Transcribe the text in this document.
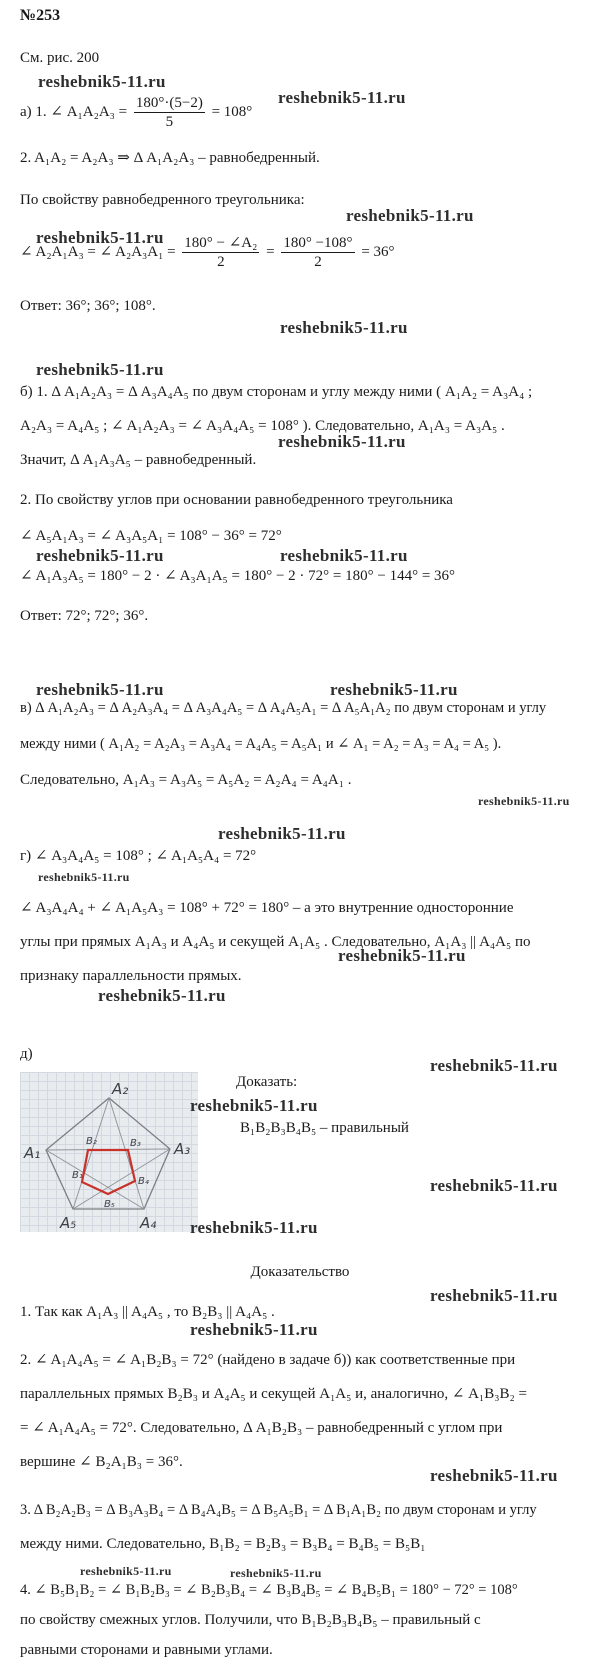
№253
См. рис. 200
а) 1. ∠ $A_1A_2A_3 = \frac{180^\circ\cdot(5-2)}{5} = 108^\circ$
2. A₁A₂ = A₂A₃ ⇒ Δ A₁A₂A₃ – равнобедренный.
По свойству равнобедренного треугольника:
∠ A₂A₁A₃ = ∠ $A_2A_3A_1 = \frac{\text{180° − ∠A₂}}{2} = \frac{180^\circ -108^\circ}{2} = 36^\circ$
Ответ: 36°; 36°; 108°.
б) 1. Δ A₁A₂A₃ = Δ A₃A₄A₅ по двум сторонам и углу между ними ( A₁A₂ = A₃A₄ ;
A₂A₃ = A₄A₅ ; ∠ A₁A₂A₃ = ∠ A₃A₄A₅ = 108° ). Следовательно, A₁A₃ = A₃A₅ .
Значит, Δ A₁A₃A₅ – равнобедренный.
2. По свойству углов при основании равнобедренного треугольника
∠ A₅A₁A₃ = ∠ A₃A₅A₁ = 108° − 36° = 72°
∠ A₁A₃A₅ = 180° − 2 · ∠ A₃A₁A₅ = 180° − 2 · 72° = 180° − 144° = 36°
Ответ: 72°; 72°; 36°.
в) Δ A₁A₂A₃ = Δ A₂A₃A₄ = Δ A₃A₄A₅ = Δ A₄A₅A₁ = Δ A₅A₁A₂ по двум сторонам и углу
между ними ( A₁A₂ = A₂A₃ = A₃A₄ = A₄A₅ = A₅A₁ и ∠ A₁ = A₂ = A₃ = A₄ = A₅ ).
Следовательно, A₁A₃ = A₃A₅ = A₅A₂ = A₂A₄ = A₄A₁ .
г) ∠ A₃A₄A₅ = 108° ; ∠ A₁A₅A₄ = 72°
∠ A₃A₄A₄ + ∠ A₁A₅A₃ = 108° + 72° = 180° – а это внутренние односторонние
углы при прямых A₁A₃ и A₄A₅ и секущей A₁A₅ . Следовательно, A₁A₃ || A₄A₅ по
признаку параллельности прямых.
д)
A₁
A₂
A₃
A₄
A₅
B₁
B₂	B₃
B₄
B₅
Доказать:
B₁B₂B₃B₄B₅ – правильный
Доказательство
1. Так как A₁A₃ || A₄A₅ , то B₂B₃ || A₄A₅ .
2. ∠ A₁A₄A₅ = ∠ A₁B₂B₃ = 72° (найдено в задаче б)) как соответственные при
параллельных прямых B₂B₃ и A₄A₅ и секущей A₁A₅ и, аналогично, ∠ A₁B₃B₂ =
= ∠ A₁A₄A₅ = 72°. Следовательно, Δ A₁B₂B₃ – равнобедренный с углом при
вершине ∠ B₂A₁B₃ = 36°.
3. Δ B₂A₂B₃ = Δ B₃A₃B₄ = Δ B₄A₄B₅ = Δ B₅A₅B₁ = Δ B₁A₁B₂ по двум сторонам и углу
между ними. Следовательно, B₁B₂ = B₂B₃ = B₃B₄ = B₄B₅ = B₅B₁
4. ∠ B₅B₁B₂ = ∠ B₁B₂B₃ = ∠ B₂B₃B₄ = ∠ B₃B₄B₅ = ∠ B₄B₅B₁ = 180° − 72° = 108°
по свойству смежных углов. Получили, что B₁B₂B₃B₄B₅ – правильный с
равными сторонами и равными углами.
reshebnik5-11.ru
reshebnik5-11.ru
reshebnik5-11.ru
reshebnik5-11.ru
reshebnik5-11.ru
reshebnik5-11.ru
reshebnik5-11.ru
reshebnik5-11.ru	reshebnik5-11.ru
reshebnik5-11.ru	reshebnik5-11.ru
reshebnik5-11.ru
reshebnik5-11.ru
reshebnik5-11.ru
reshebnik5-11.ru
reshebnik5-11.ru
reshebnik5-11.ru
reshebnik5-11.ru
reshebnik5-11.ru
reshebnik5-11.ru
reshebnik5-11.ru
reshebnik5-11.ru
reshebnik5-11.ru
reshebnik5-11.ru	reshebnik5-11.ru
